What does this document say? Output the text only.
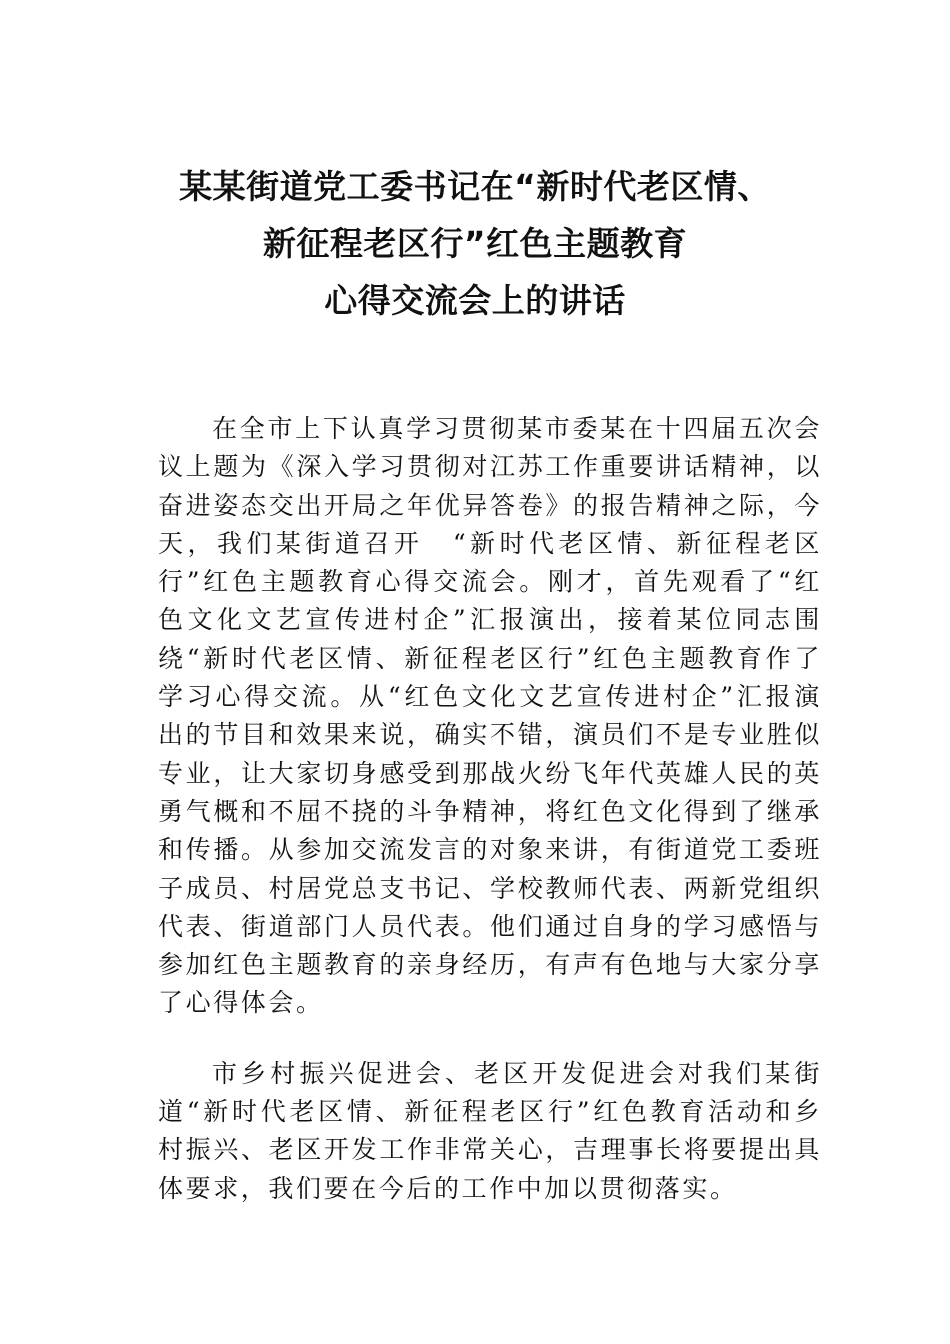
某某街道党工委书记在“新时代老区情、
新征程老区行”红色主题教育
心得交流会上的讲话

在全市上下认真学习贯彻某市委某在十四届五次会议上题为《深入学习贯彻对江苏工作重要讲话精神，以奋进姿态交出开局之年优异答卷》的报告精神之际，今天，我们某街道召开　“新时代老区情、新征程老区行”红色主题教育心得交流会。刚才，首先观看了“红色文化文艺宣传进村企”汇报演出，接着某位同志围绕“新时代老区情、新征程老区行”红色主题教育作了学习心得交流。从“红色文化文艺宣传进村企”汇报演出的节目和效果来说，确实不错，演员们不是专业胜似专业，让大家切身感受到那战火纷飞年代英雄人民的英勇气概和不屈不挠的斗争精神，将红色文化得到了继承和传播。从参加交流发言的对象来讲，有街道党工委班子成员、村居党总支书记、学校教师代表、两新党组织代表、街道部门人员代表。他们通过自身的学习感悟与参加红色主题教育的亲身经历，有声有色地与大家分享了心得体会。

市乡村振兴促进会、老区开发促进会对我们某街道“新时代老区情、新征程老区行”红色教育活动和乡村振兴、老区开发工作非常关心，吉理事长将要提出具体要求，我们要在今后的工作中加以贯彻落实。
